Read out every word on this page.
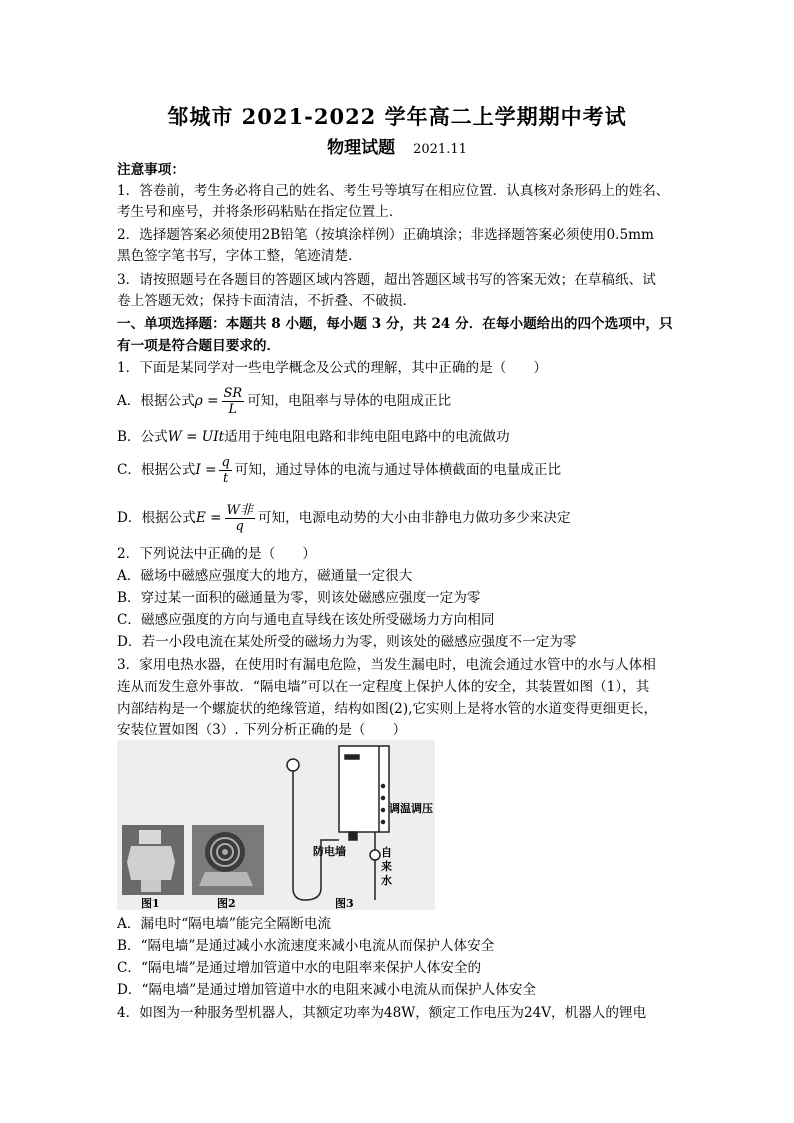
邹城市 2021-2022 学年高二上学期期中考试
物理试题 2021.11
注意事项：
1．答卷前，考生务必将自己的姓名、考生号等填写在相应位置．认真核对条形码上的姓名、
考生号和座号，并将条形码粘贴在指定位置上．
2．选择题答案必须使用2B铅笔（按填涂样例）正确填涂；非选择题答案必须使用0.5mm
黑色签字笔书写，字体工整，笔迹清楚．
3．请按照题号在各题目的答题区域内答题，超出答题区域书写的答案无效；在草稿纸、试
卷上答题无效；保持卡面清洁，不折叠、不破损．
一、单项选择题：本题共 8 小题，每小题 3 分，共 24 分．在每小题给出的四个选项中，只
有一项是符合题目要求的．
1．下面是某同学对一些电学概念及公式的理解，其中正确的是（　　）
A．根据公式$\rho = \frac{SR}{L}$ 可知，电阻率与导体的电阻成正比
B．公式W = UIt适用于纯电阻电路和非纯电阻电路中的电流做功
C．根据公式$I = \frac{q}{t}$ 可知，通过导体的电流与通过导体横截面的电量成正比
D．根据公式$E = \frac{\text{W非}}{q}$ 可知，电源电动势的大小由非静电力做功多少来决定
2．下列说法中正确的是（　　）
A．磁场中磁感应强度大的地方，磁通量一定很大
B．穿过某一面积的磁通量为零，则该处磁感应强度一定为零
C．磁感应强度的方向与通电直导线在该处所受磁场力方向相同
D．若一小段电流在某处所受的磁场力为零，则该处的磁感应强度不一定为零
3．家用电热水器，在使用时有漏电危险，当发生漏电时，电流会通过水管中的水与人体相
连从而发生意外事故．“隔电墙”可以在一定程度上保护人体的安全，其装置如图（1），其
内部结构是一个螺旋状的绝缘管道，结构如图(2),它实则上是将水管的水道变得更细更长，
安装位置如图（3）. 下列分析正确的是（　　）
图1	图2	图3
调温调压
防电墙	自
来
水
A．漏电时“隔电墙”能完全隔断电流
B．“隔电墙”是通过减小水流速度来减小电流从而保护人体安全
C．“隔电墙”是通过增加管道中水的电阻率来保护人体安全的
D．“隔电墙”是通过增加管道中水的电阻来减小电流从而保护人体安全
4．如图为一种服务型机器人，其额定功率为48W，额定工作电压为24V，机器人的锂电
